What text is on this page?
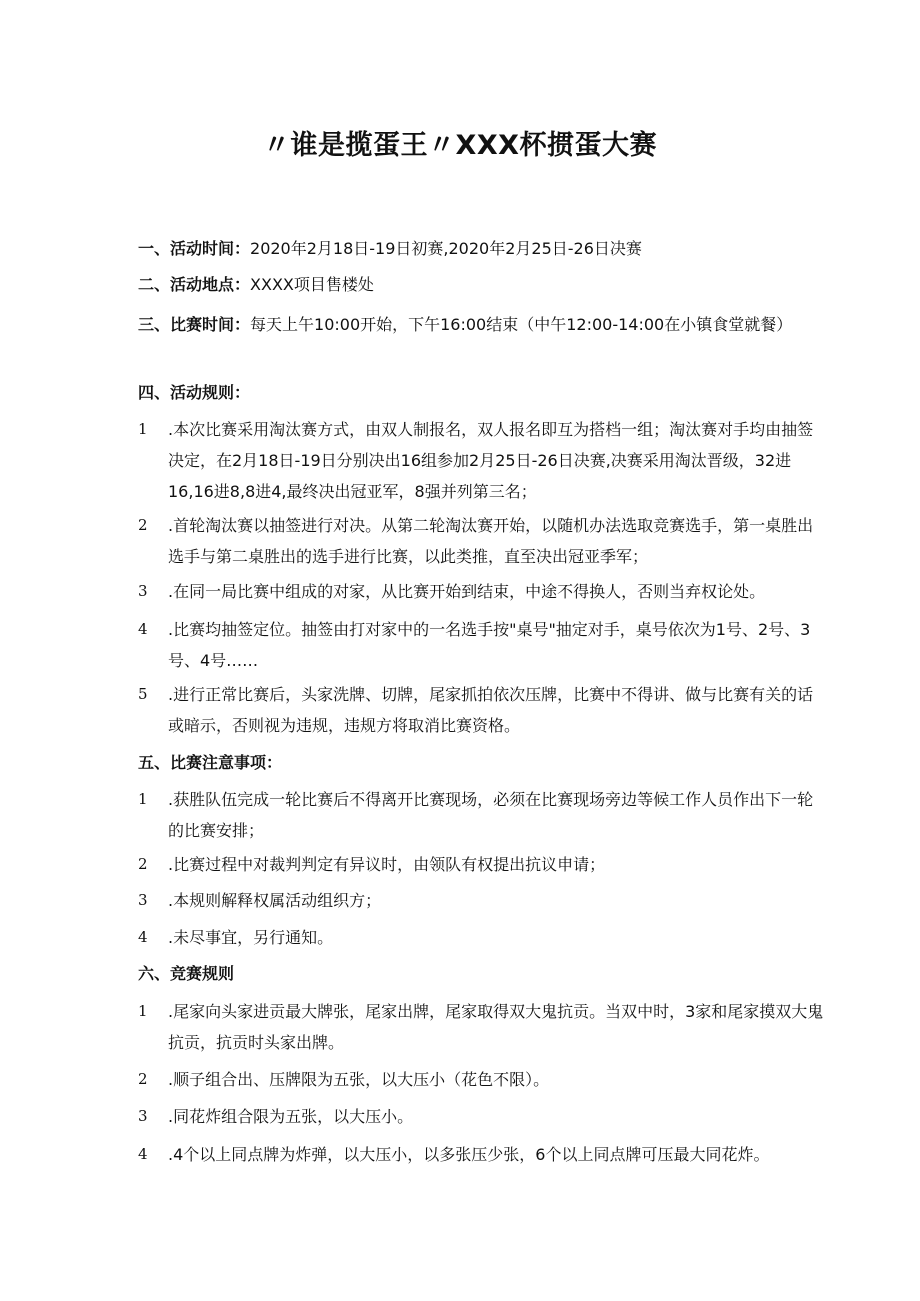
〃谁是揽蛋王〃XXX杯掼蛋大赛
一、活动时间：2020年2月18日-19日初赛,2020年2月25日-26日决赛
二、活动地点：XXXX项目售楼处
三、比赛时间：每天上午10:00开始，下午16:00结束（中午12:00-14:00在小镇食堂就餐）
四、活动规则：
1	.本次比赛采用淘汰赛方式，由双人制报名，双人报名即互为搭档一组；淘汰赛对手均由抽签决定，在2月18日-19日分别决出16组参加2月25日-26日决赛,决赛采用淘汰晋级，32进16,16进8,8进4,最终决出冠亚军，8强并列第三名；
2	.首轮淘汰赛以抽签进行对决。从第二轮淘汰赛开始，以随机办法选取竞赛选手，第一桌胜出选手与第二桌胜出的选手进行比赛，以此类推，直至决出冠亚季军；
3	.在同一局比赛中组成的对家，从比赛开始到结束，中途不得换人，否则当弃权论处。
4	.比赛均抽签定位。抽签由打对家中的一名选手按"桌号"抽定对手，桌号依次为1号、2号、3号、4号……
5	.进行正常比赛后，头家洗牌、切牌，尾家抓拍依次压牌，比赛中不得讲、做与比赛有关的话或暗示，否则视为违规，违规方将取消比赛资格。
五、比赛注意事项：
1	.获胜队伍完成一轮比赛后不得离开比赛现场，必须在比赛现场旁边等候工作人员作出下一轮的比赛安排；
2	.比赛过程中对裁判判定有异议时，由领队有权提出抗议申请；
3	.本规则解释权属活动组织方；
4	.未尽事宜，另行通知。
六、竞赛规则
1	.尾家向头家进贡最大牌张，尾家出牌，尾家取得双大鬼抗贡。当双中时，3家和尾家摸双大鬼抗贡，抗贡时头家出牌。
2	.顺子组合出、压牌限为五张，以大压小（花色不限）。
3	.同花炸组合限为五张，以大压小。
4	.4个以上同点牌为炸弹，以大压小，以多张压少张，6个以上同点牌可压最大同花炸。
